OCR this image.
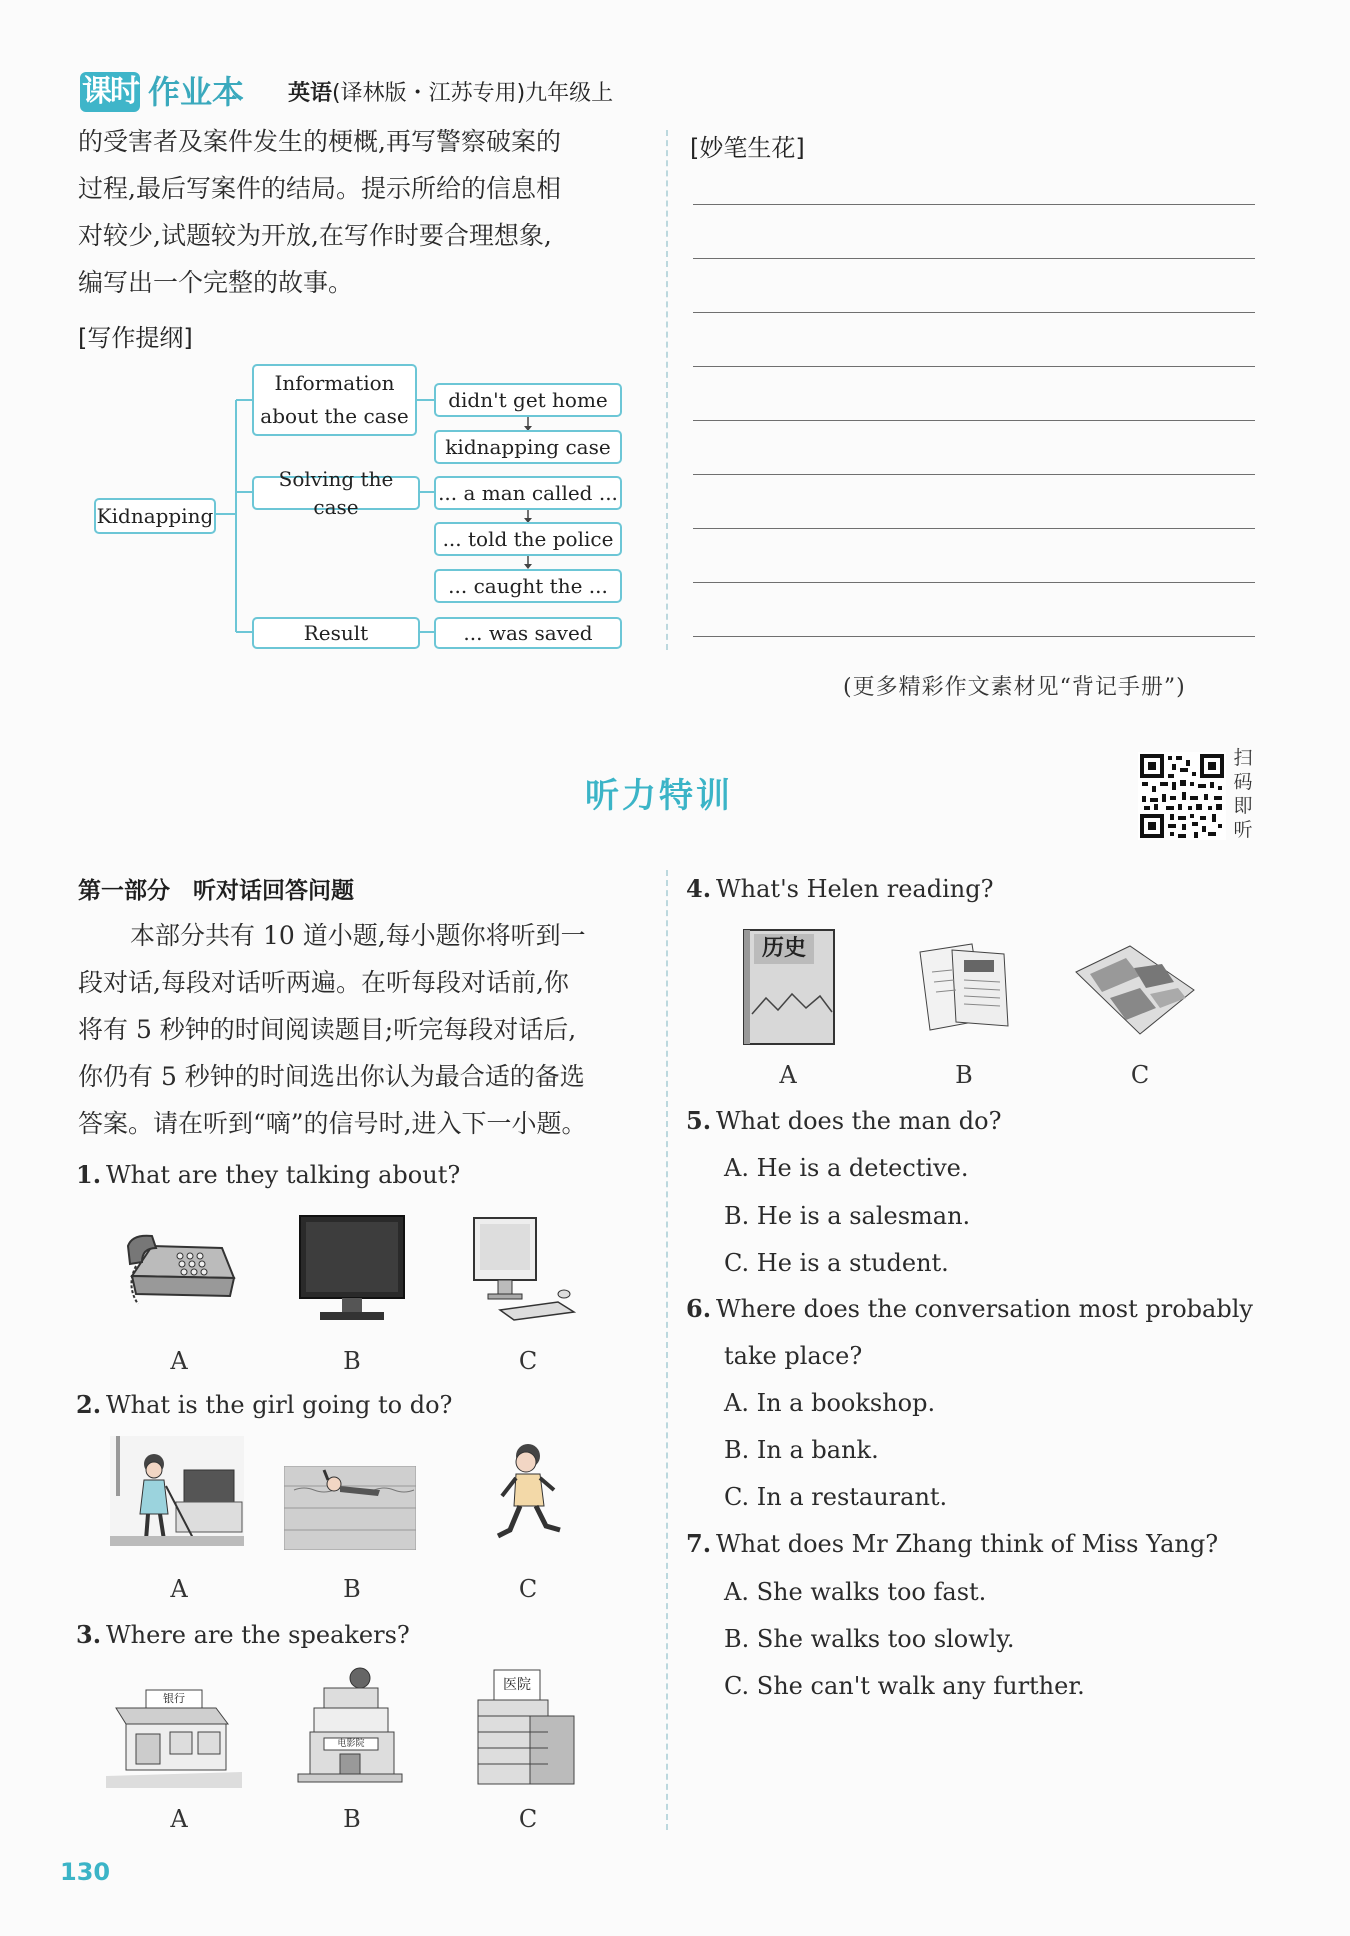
课时 作业本 英语(译林版・江苏专用)九年级上
的受害者及案件发生的梗概,再写警察破案的
过程,最后写案件的结局。提示所给的信息相
对较少,试题较为开放,在写作时要合理想象,
编写出一个完整的故事。
[写作提纲]
Kidnapping
Information
about the case
Solving the case
Result
didn't get home
kidnapping case
... a man called ...
... told the police
... caught the ...
... was saved
[妙笔生花]
(更多精彩作文素材见“背记手册”)
听力特训
扫
码
即
听
第一部分　听对话回答问题
本部分共有 10 道小题,每小题你将听到一
段对话,每段对话听两遍。在听每段对话前,你
将有 5 秒钟的时间阅读题目;听完每段对话后,
你仍有 5 秒钟的时间选出你认为最合适的备选
答案。请在听到“嘀”的信号时,进入下一小题。
1. What are they talking about?
A	B	C
2. What is the girl going to do?
A	B	C
3. Where are the speakers?
银行
电影院
医院
A	B	C
4. What's Helen reading?
历史
A	B	C
5. What does the man do?
A. He is a detective.
B. He is a salesman.
C. He is a student.
6. Where does the conversation most probably
take place?
A. In a bookshop.
B. In a bank.
C. In a restaurant.
7. What does Mr Zhang think of Miss Yang?
A. She walks too fast.
B. She walks too slowly.
C. She can't walk any further.
130
